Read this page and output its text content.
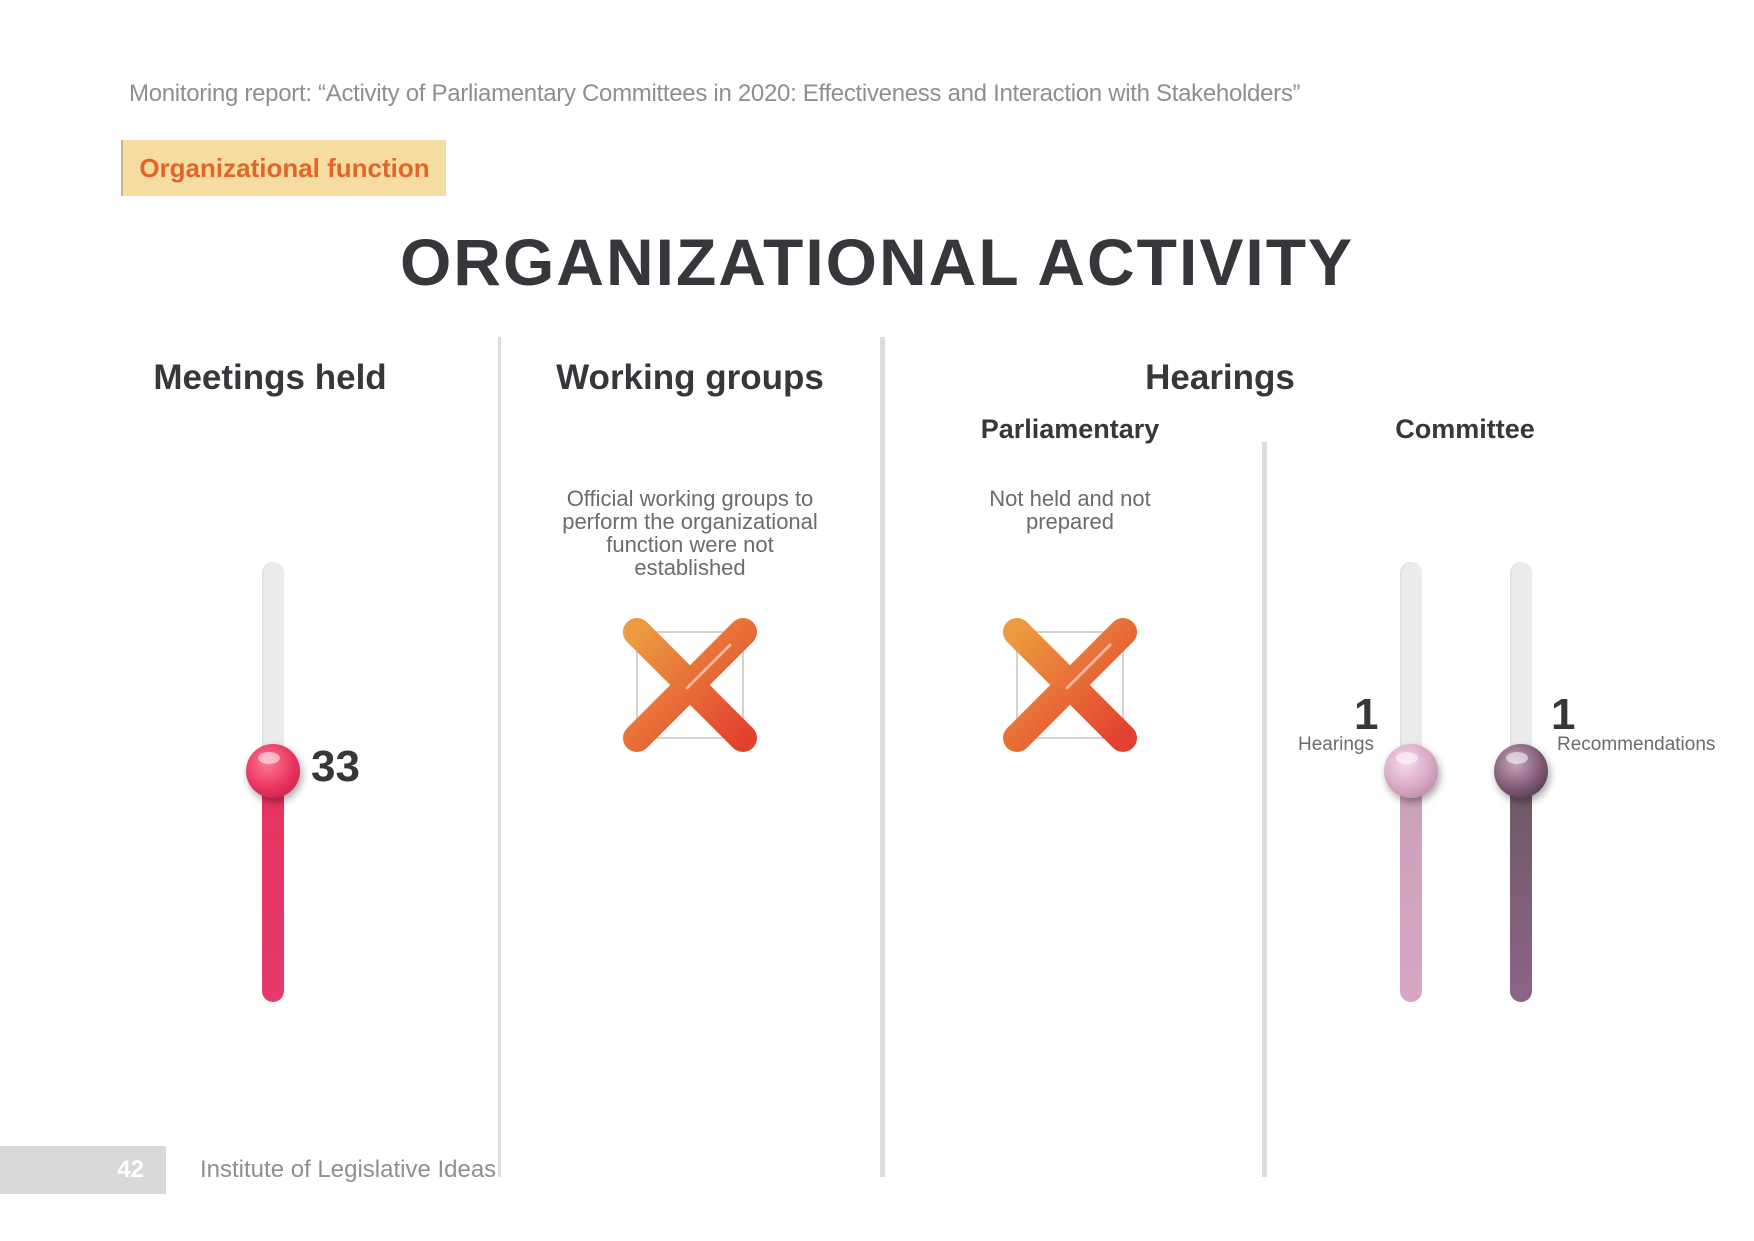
Monitoring report: “Activity of Parliamentary Committees in 2020: Effectiveness and Interaction with Stakeholders”
Organizational function
ORGANIZATIONAL ACTIVITY
Meetings held
33
Working groups
Official working groups to perform the organizational function were not established
Hearings
Parliamentary
Not held and not prepared
Committee
1
Hearings
1
Recommendations
42 Institute of Legislative Ideas
